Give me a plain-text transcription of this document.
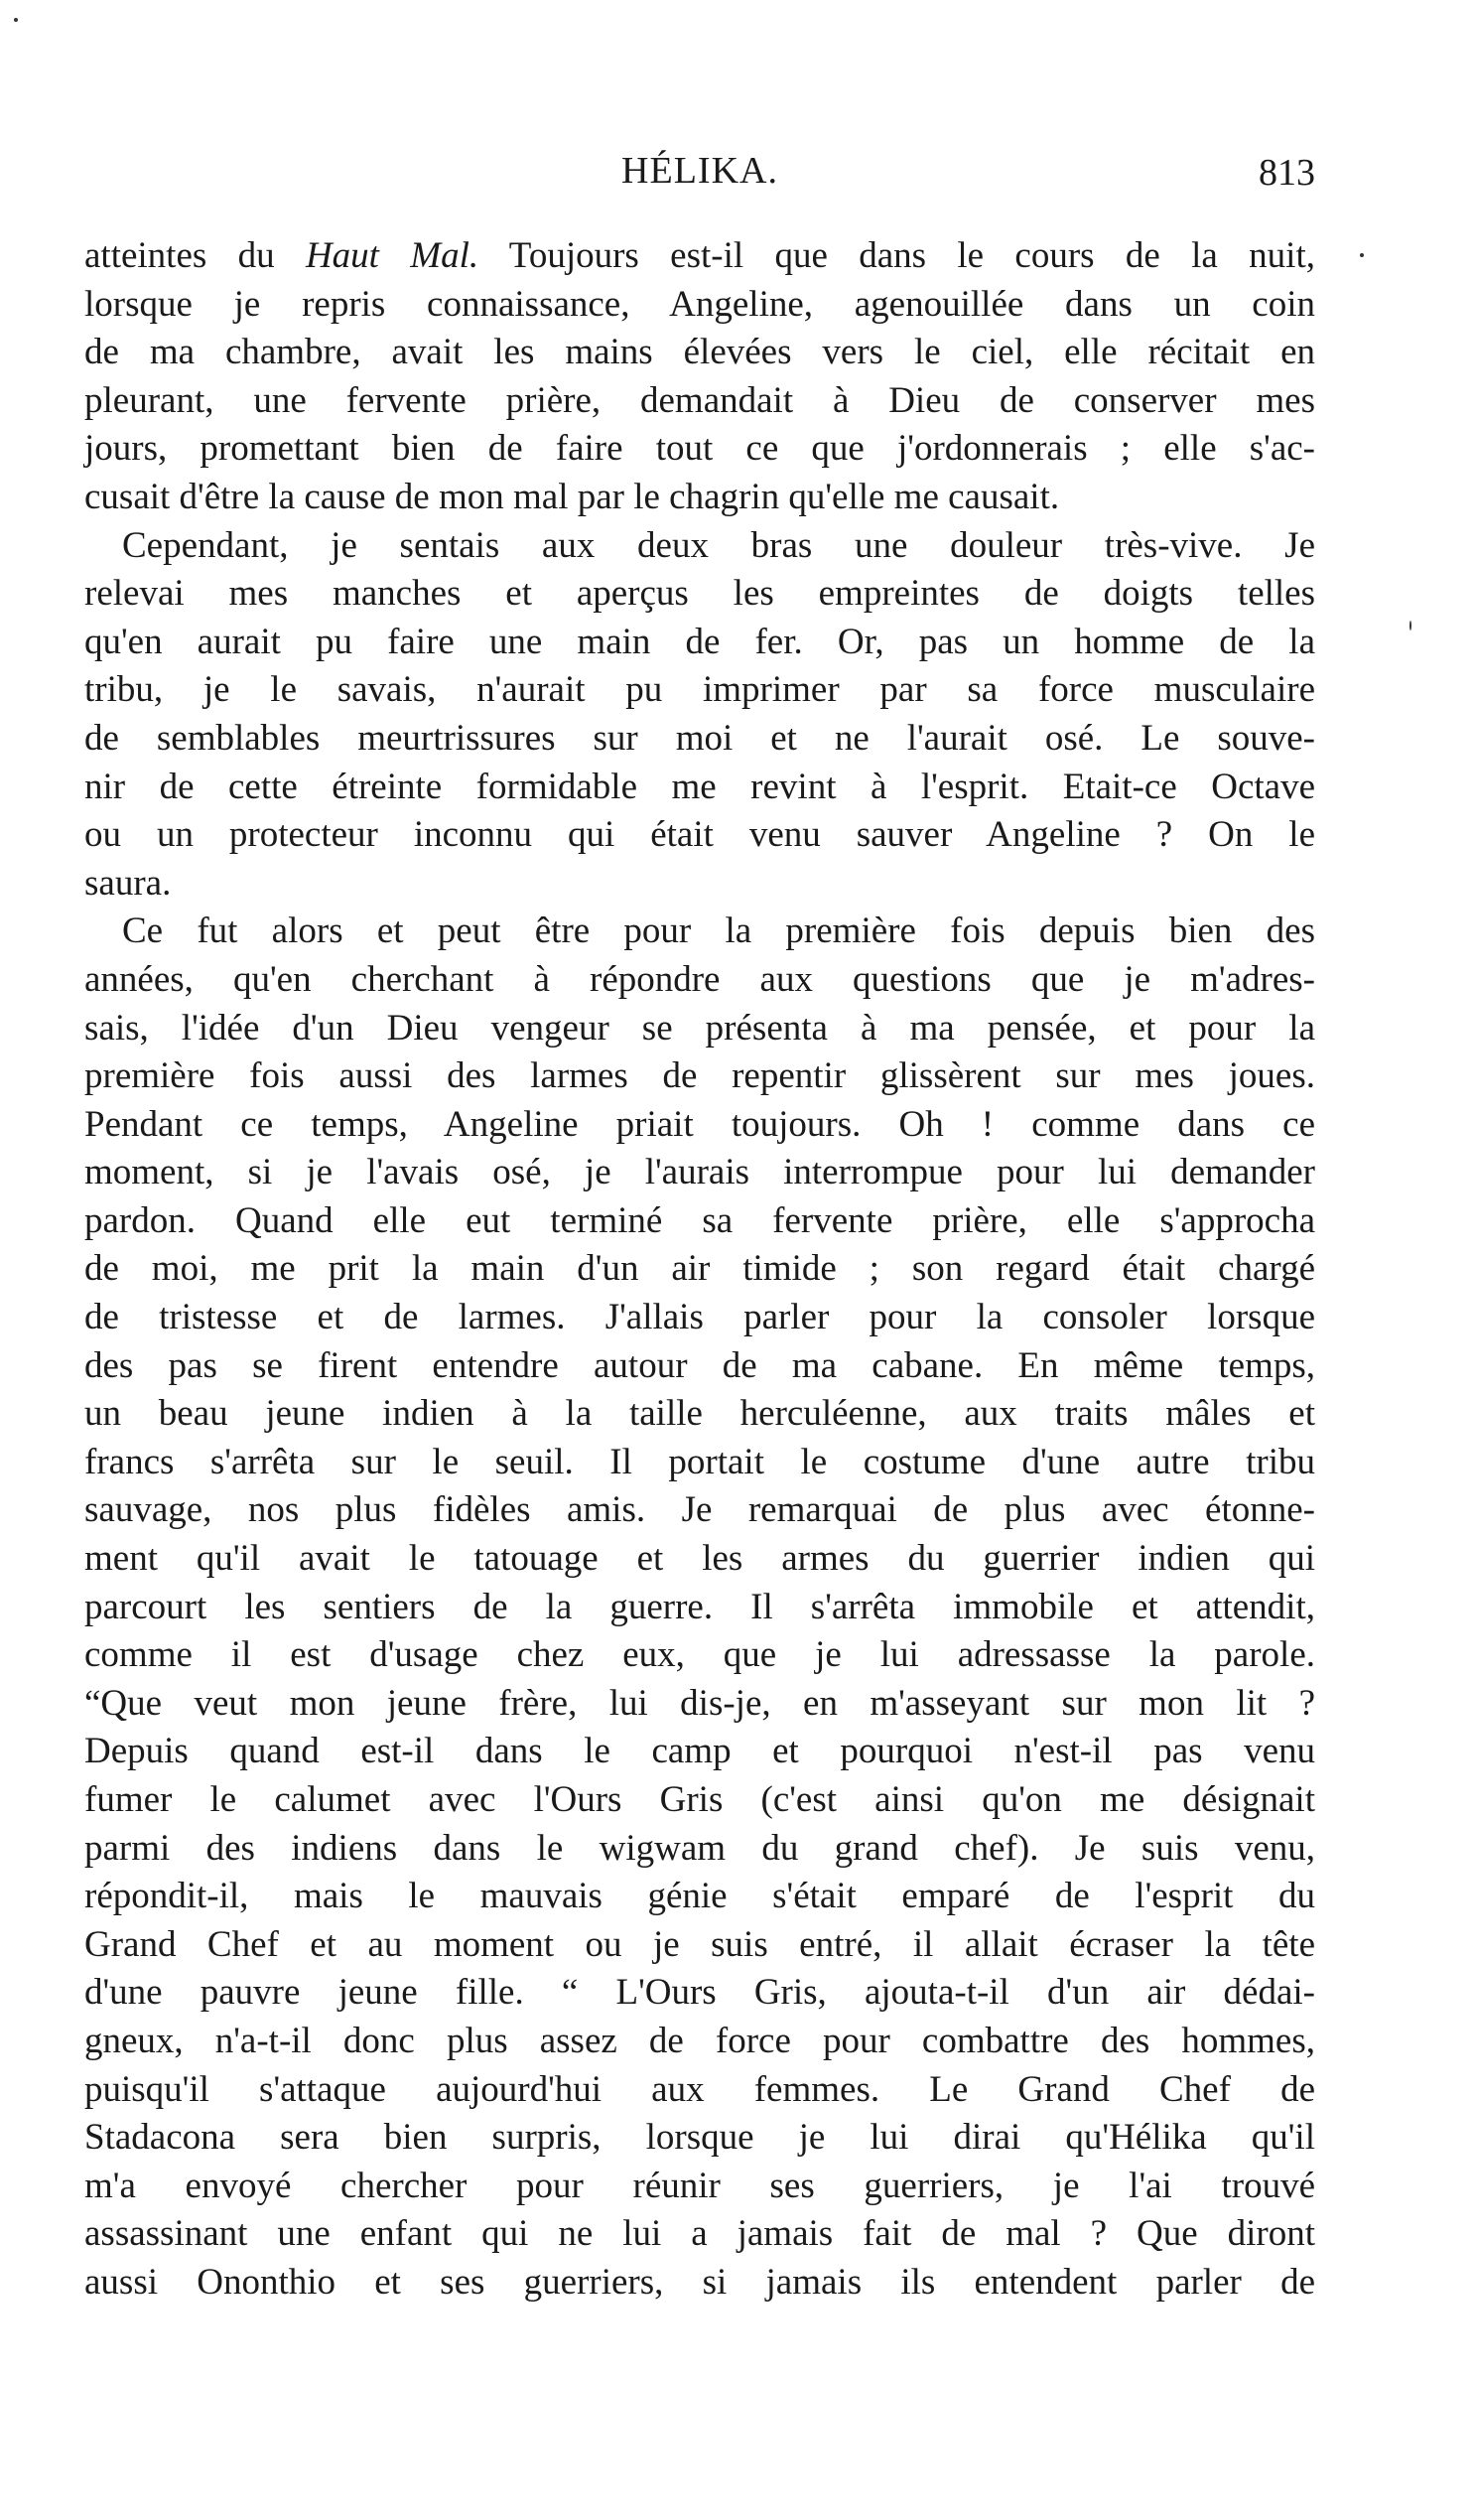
HÉLIKA.	813
atteintes du Haut Mal. Toujours est-il que dans le cours de la nuit,
lorsque je repris connaissance, Angeline, agenouillée dans un coin
de ma chambre, avait les mains élevées vers le ciel, elle récitait en
pleurant, une fervente prière, demandait à Dieu de conserver mes
jours, promettant bien de faire tout ce que j'ordonnerais ; elle s'ac-
cusait d'être la cause de mon mal par le chagrin qu'elle me causait.
Cependant, je sentais aux deux bras une douleur très-vive. Je
relevai mes manches et aperçus les empreintes de doigts telles
qu'en aurait pu faire une main de fer. Or, pas un homme de la
tribu, je le savais, n'aurait pu imprimer par sa force musculaire
de semblables meurtrissures sur moi et ne l'aurait osé. Le souve-
nir de cette étreinte formidable me revint à l'esprit. Etait-ce Octave
ou un protecteur inconnu qui était venu sauver Angeline ? On le
saura.
Ce fut alors et peut être pour la première fois depuis bien des
années, qu'en cherchant à répondre aux questions que je m'adres-
sais, l'idée d'un Dieu vengeur se présenta à ma pensée, et pour la
première fois aussi des larmes de repentir glissèrent sur mes joues.
Pendant ce temps, Angeline priait toujours. Oh ! comme dans ce
moment, si je l'avais osé, je l'aurais interrompue pour lui demander
pardon. Quand elle eut terminé sa fervente prière, elle s'approcha
de moi, me prit la main d'un air timide ; son regard était chargé
de tristesse et de larmes. J'allais parler pour la consoler lorsque
des pas se firent entendre autour de ma cabane. En même temps,
un beau jeune indien à la taille herculéenne, aux traits mâles et
francs s'arrêta sur le seuil. Il portait le costume d'une autre tribu
sauvage, nos plus fidèles amis. Je remarquai de plus avec étonne-
ment qu'il avait le tatouage et les armes du guerrier indien qui
parcourt les sentiers de la guerre. Il s'arrêta immobile et attendit,
comme il est d'usage chez eux, que je lui adressasse la parole.
“Que veut mon jeune frère, lui dis-je, en m'asseyant sur mon lit ?
Depuis quand est-il dans le camp et pourquoi n'est-il pas venu
fumer le calumet avec l'Ours Gris (c'est ainsi qu'on me désignait
parmi des indiens dans le wigwam du grand chef). Je suis venu,
répondit-il, mais le mauvais génie s'était emparé de l'esprit du
Grand Chef et au moment ou je suis entré, il allait écraser la tête
d'une pauvre jeune fille. “ L'Ours Gris, ajouta-t-il d'un air dédai-
gneux, n'a-t-il donc plus assez de force pour combattre des hommes,
puisqu'il s'attaque aujourd'hui aux femmes. Le Grand Chef de
Stadacona sera bien surpris, lorsque je lui dirai qu'Hélika qu'il
m'a envoyé chercher pour réunir ses guerriers, je l'ai trouvé
assassinant une enfant qui ne lui a jamais fait de mal ? Que diront
aussi Ononthio et ses guerriers, si jamais ils entendent parler de
